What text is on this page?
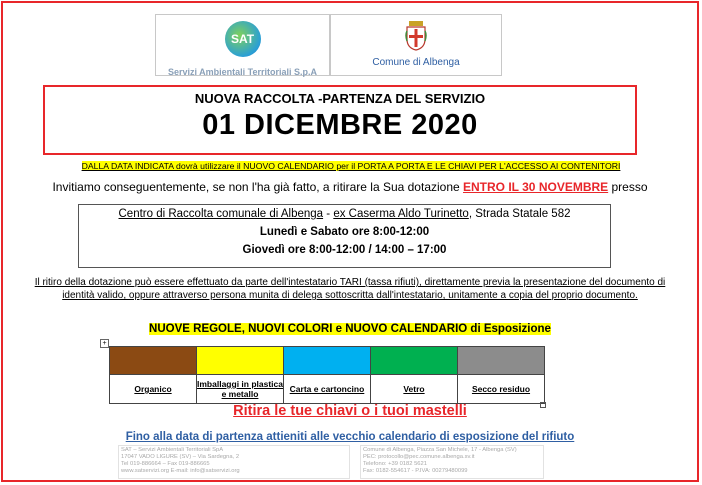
SAT
Servizi Ambientali Territoriali S.p.A
Comune di Albenga
NUOVA RACCOLTA -PARTENZA DEL SERVIZIO
01 DICEMBRE 2020
DALLA DATA INDICATA dovrà utilizzare il NUOVO CALENDARIO per il PORTA A PORTA E LE CHIAVI PER L'ACCESSO AI CONTENITORI
Invitiamo conseguentemente, se non l'ha già fatto, a ritirare la Sua dotazione ENTRO IL 30 NOVEMBRE presso
Centro di Raccolta comunale di Albenga - ex Caserma Aldo Turinetto, Strada Statale 582
Lunedì e Sabato ore 8:00-12:00
Giovedì ore 8:00-12:00 / 14:00 – 17:00
Il ritiro della dotazione può essere effettuato da parte dell'intestatario TARI (tassa rifiuti), direttamente previa la presentazione del documento di identità valido, oppure attraverso persona munita di delega sottoscritta dall'intestatario, unitamente a copia del proprio documento.
NUOVE REGOLE, NUOVI COLORI e NUOVO CALENDARIO di Esposizione
+

Organico	Imballaggi in plastica e metallo	Carta e cartoncino	Vetro	Secco residuo
Ritira le tue chiavi o i tuoi mastelli
Fino alla data di partenza attieniti alle vecchio calendario di esposizione del rifiuto
SAT – Servizi Ambientali Territoriali SpA
17047 VADO LIGURE (SV) – Via Sardegna, 2
Tel 019-886664 – Fax 019-886665
www.satservizi.org E-mail: info@satservizi.org
Comune di Albenga, Piazza San Michele, 17 - Albenga (SV)
PEC: protocollo@pec.comune.albenga.sv.it
Telefono: +39 0182 5621
Fax: 0182-554617 - P.IVA: 00279480099
